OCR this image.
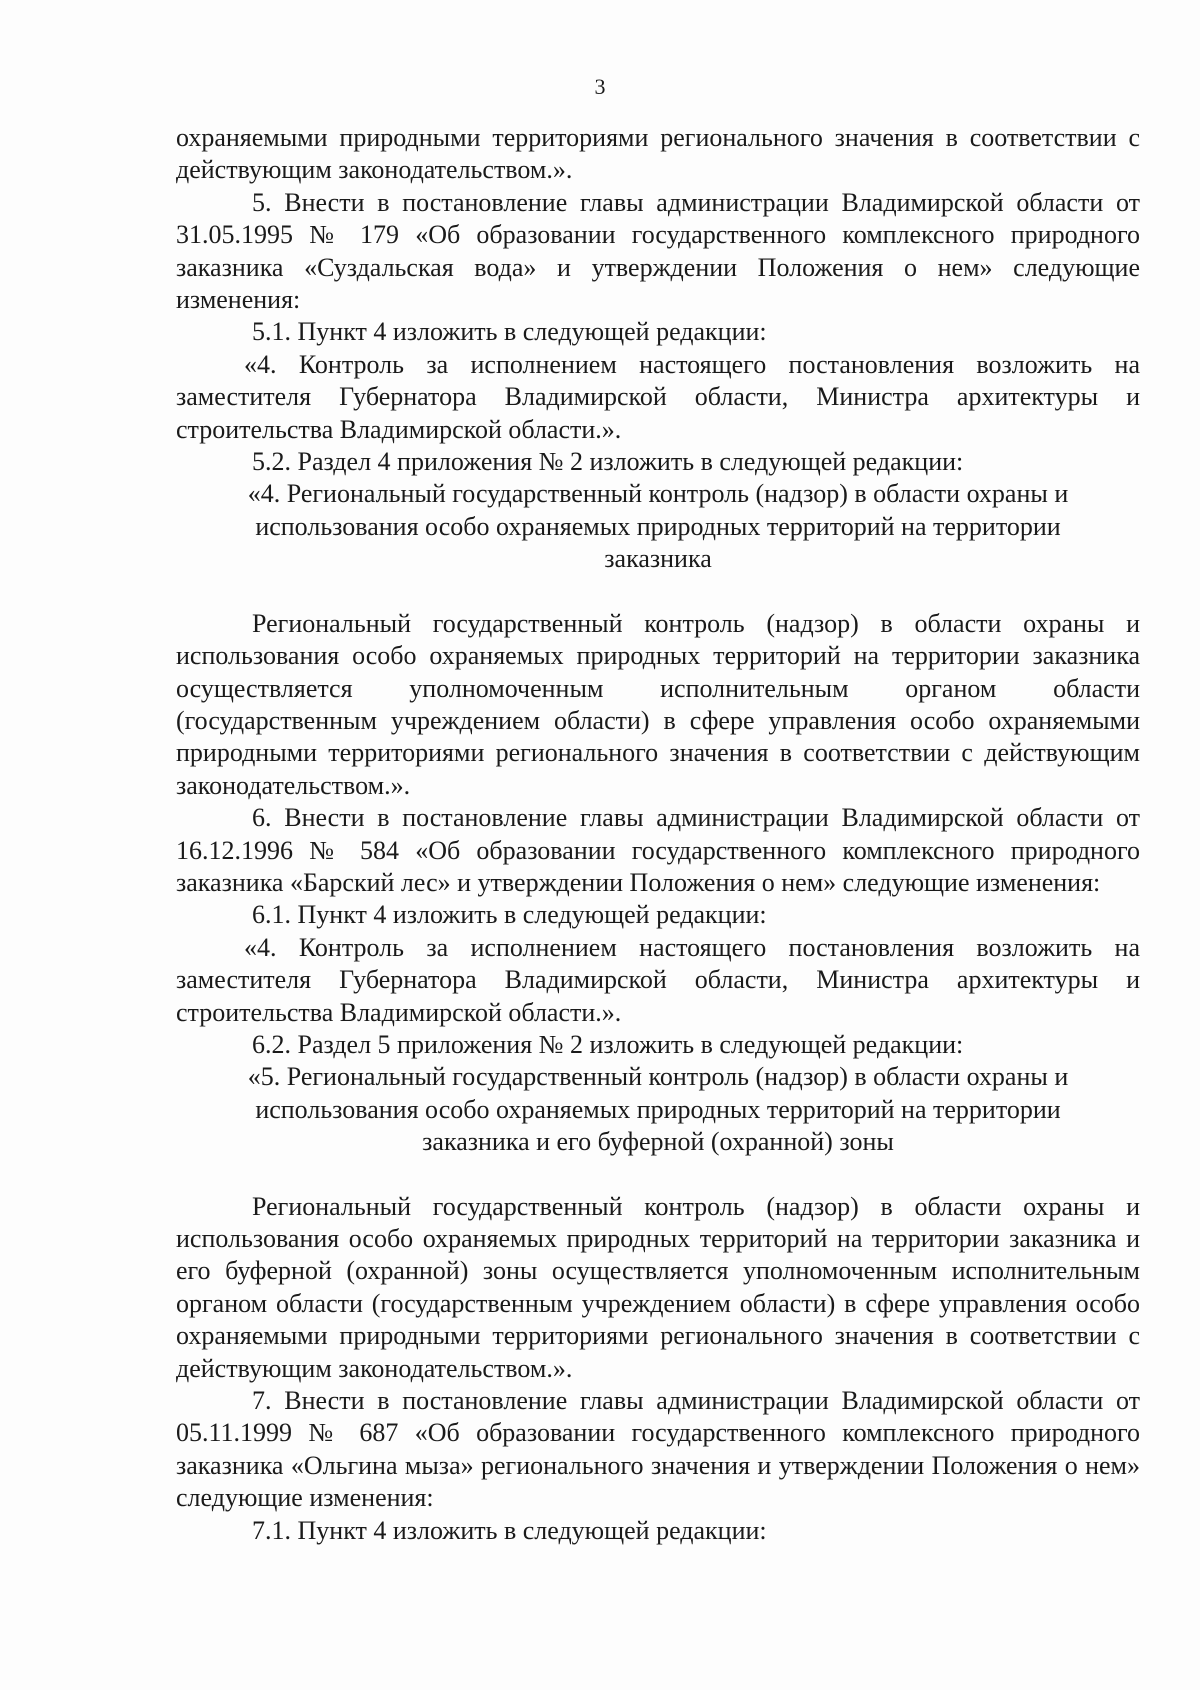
3

охраняемыми природными территориями регионального значения в соответствии с действующим законодательством.».

5. Внести в постановление главы администрации Владимирской области от 31.05.1995 № 179 «Об образовании государственного комплексного природного заказника «Суздальская вода» и утверждении Положения о нем» следующие изменения:

5.1. Пункт 4 изложить в следующей редакции:

«4. Контроль за исполнением настоящего постановления возложить на заместителя Губернатора Владимирской области, Министра архитектуры и строительства Владимирской области.».

5.2. Раздел 4 приложения № 2 изложить в следующей редакции:

«4. Региональный государственный контроль (надзор) в области охраны и использования особо охраняемых природных территорий на территории заказника

Региональный государственный контроль (надзор) в области охраны и использования особо охраняемых природных территорий на территории заказника осуществляется уполномоченным исполнительным органом области (государственным учреждением области) в сфере управления особо охраняемыми природными территориями регионального значения в соответствии с действующим законодательством.».

6. Внести в постановление главы администрации Владимирской области от 16.12.1996 № 584 «Об образовании государственного комплексного природного заказника «Барский лес» и утверждении Положения о нем» следующие изменения:

6.1. Пункт 4 изложить в следующей редакции:

«4. Контроль за исполнением настоящего постановления возложить на заместителя Губернатора Владимирской области, Министра архитектуры и строительства Владимирской области.».

6.2. Раздел 5 приложения № 2 изложить в следующей редакции:

«5. Региональный государственный контроль (надзор) в области охраны и использования особо охраняемых природных территорий на территории заказника и его буферной (охранной) зоны

Региональный государственный контроль (надзор) в области охраны и использования особо охраняемых природных территорий на территории заказника и его буферной (охранной) зоны осуществляется уполномоченным исполнительным органом области (государственным учреждением области) в сфере управления особо охраняемыми природными территориями регионального значения в соответствии с действующим законодательством.».

7. Внести в постановление главы администрации Владимирской области от 05.11.1999 № 687 «Об образовании государственного комплексного природного заказника «Ольгина мыза» регионального значения и утверждении Положения о нем» следующие изменения:

7.1. Пункт 4 изложить в следующей редакции:
